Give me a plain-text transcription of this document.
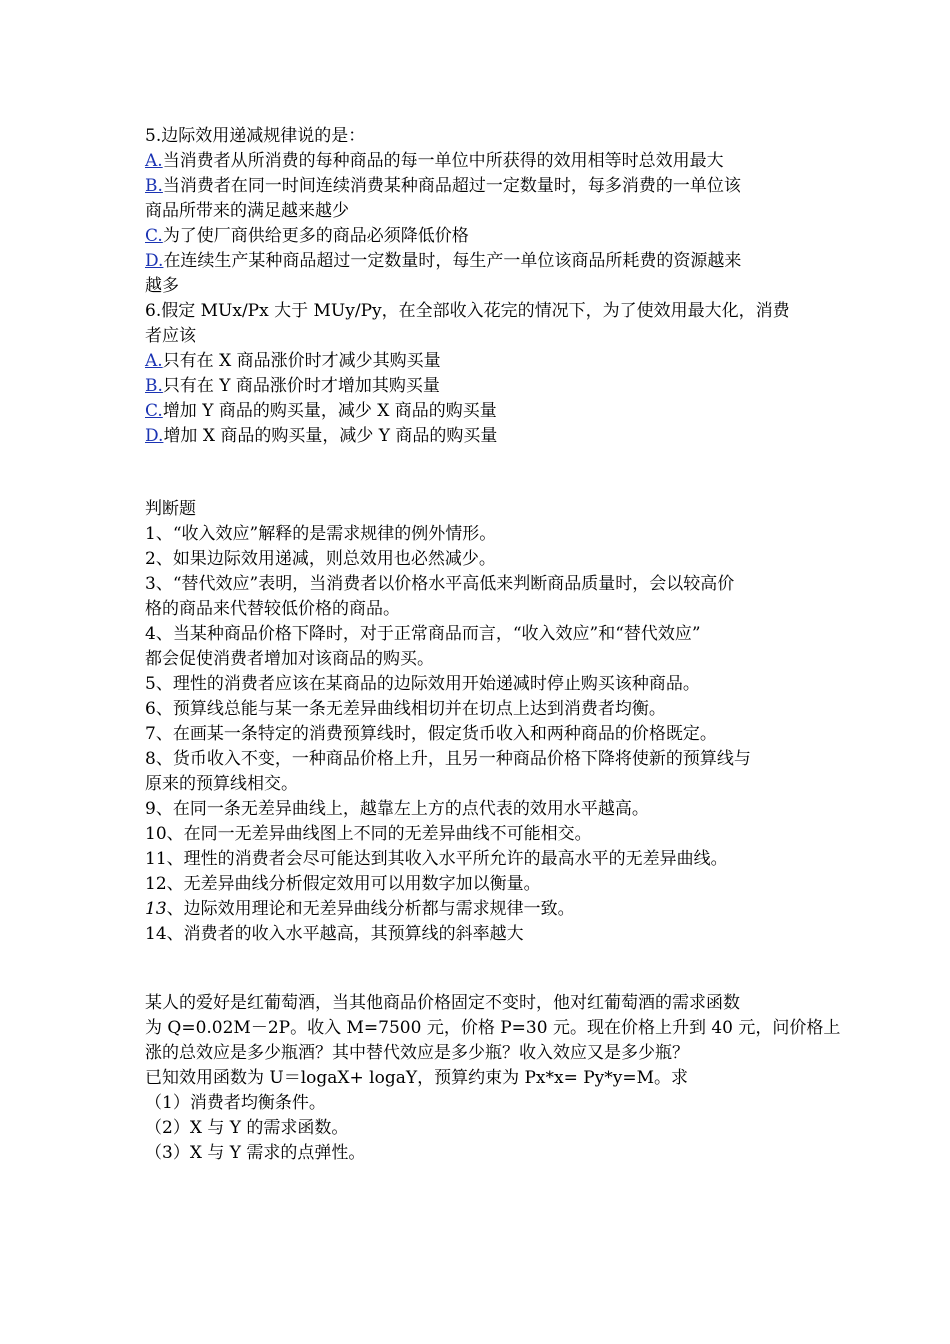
5.边际效用递减规律说的是：
A.当消费者从所消费的每种商品的每一单位中所获得的效用相等时总效用最大
B.当消费者在同一时间连续消费某种商品超过一定数量时，每多消费的一单位该
商品所带来的满足越来越少
C.为了使厂商供给更多的商品必须降低价格
D.在连续生产某种商品超过一定数量时，每生产一单位该商品所耗费的资源越来
越多
6.假定 MUx/Px 大于 MUy/Py，在全部收入花完的情况下，为了使效用最大化，消费
者应该
A.只有在 X 商品涨价时才减少其购买量
B.只有在 Y 商品涨价时才增加其购买量
C.增加 Y 商品的购买量，减少 X 商品的购买量
D.增加 X 商品的购买量，减少 Y 商品的购买量
判断题
1、“收入效应”解释的是需求规律的例外情形。
2、如果边际效用递减，则总效用也必然减少。
3、“替代效应”表明，当消费者以价格水平高低来判断商品质量时，会以较高价
格的商品来代替较低价格的商品。
4、当某种商品价格下降时，对于正常商品而言，“收入效应”和“替代效应”
都会促使消费者增加对该商品的购买。
5、理性的消费者应该在某商品的边际效用开始递减时停止购买该种商品。
6、预算线总能与某一条无差异曲线相切并在切点上达到消费者均衡。
7、在画某一条特定的消费预算线时，假定货币收入和两种商品的价格既定。
8、货币收入不变，一种商品价格上升，且另一种商品价格下降将使新的预算线与
原来的预算线相交。
9、在同一条无差异曲线上，越靠左上方的点代表的效用水平越高。
10、在同一无差异曲线图上不同的无差异曲线不可能相交。
11、理性的消费者会尽可能达到其收入水平所允许的最高水平的无差异曲线。
12、无差异曲线分析假定效用可以用数字加以衡量。
13、边际效用理论和无差异曲线分析都与需求规律一致。
14、消费者的收入水平越高，其预算线的斜率越大
某人的爱好是红葡萄酒，当其他商品价格固定不变时，他对红葡萄酒的需求函数
为 Q=0.02M－2P。收入 M=7500 元，价格 P=30 元。现在价格上升到 40 元，问价格上
涨的总效应是多少瓶酒？其中替代效应是多少瓶？收入效应又是多少瓶？
已知效用函数为 U＝logaX+ logaY，预算约束为 Px*x= Py*y=M。求
（1）消费者均衡条件。
（2）X 与 Y 的需求函数。
（3）X 与 Y 需求的点弹性。
